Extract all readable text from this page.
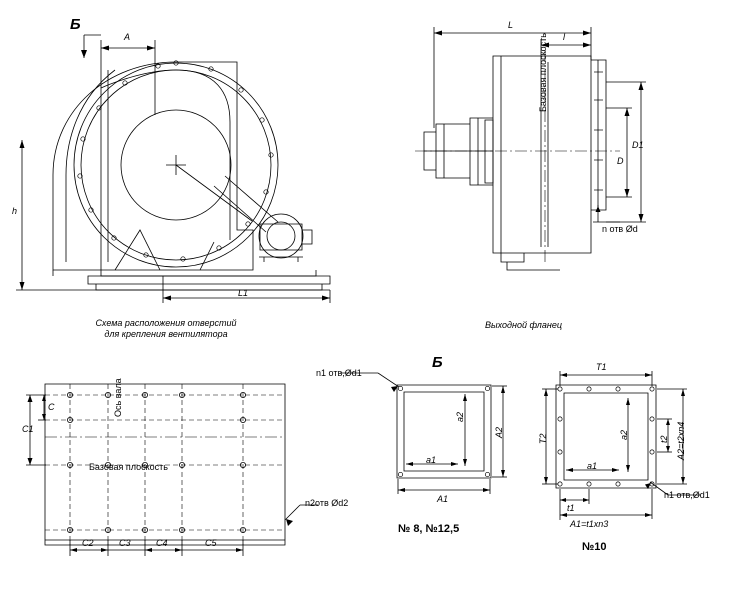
Б
A
h
L1
Схема расположения отверстий
для крепления вентилятора
L
l
D
D1
Базовая плоскость
n отв Ød
Выходной фланец
C1
C
C2	C3	C4	C5
Ось вала
Базовая плоскость
n2отв Ød2
Б
n1 отв,Ød1
a1
a2
A1
A2
№ 8, №12,5
T1
T2
a1
a2
t1
t2
A1=t1xn3
A2=t2xn4
n1 отв,Ød1
№10
